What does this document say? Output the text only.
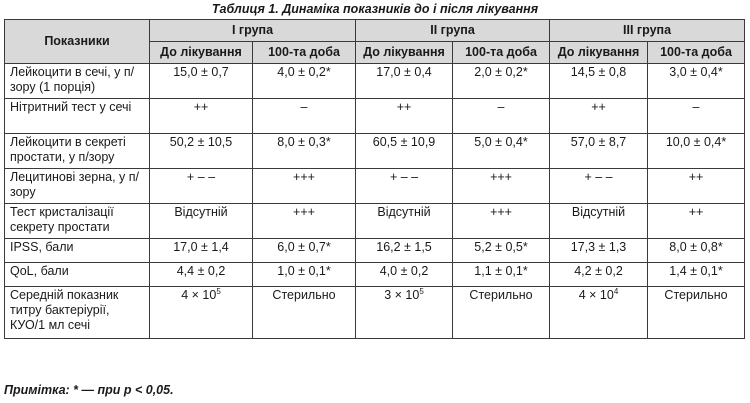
Таблиця 1. Динаміка показників до і після лікування
Показники	I група		II група		III група	
	До лікування	100-та доба	До лікування	100-та доба	До лікування	100-та доба
Лейкоцити в сечі, у п/зору (1 порція)	15,0 ± 0,7	4,0 ± 0,2*	17,0 ± 0,4	2,0 ± 0,2*	14,5 ± 0,8	3,0 ± 0,4*
Нітритний тест у сечі	++	–	++	–	++	–
Лейкоцити в секреті простати, у п/зору	50,2 ± 10,5	8,0 ± 0,3*	60,5 ± 10,9	5,0 ± 0,4*	57,0 ± 8,7	10,0 ± 0,4*
Лецитинові зерна, у п/зору	+ – –	+++	+ – –	+++	+ – –	++
Тест кристалізації секрету простати	Відсутній	+++	Відсутній	+++	Відсутній	++
IPSS, бали	17,0 ± 1,4	6,0 ± 0,7*	16,2 ± 1,5	5,2 ± 0,5*	17,3 ± 1,3	8,0 ± 0,8*
QoL, бали	4,4 ± 0,2	1,0 ± 0,1*	4,0 ± 0,2	1,1 ± 0,1*	4,2 ± 0,2	1,4 ± 0,1*
Середній показник титру бактеріурії, КУО/1 мл сечі	$4 \times 10^5$	Стерильно	$3 \times 10^5$	Стерильно	$4 \times 10^4$	Стерильно
Примітка: * — при р < 0,05.
